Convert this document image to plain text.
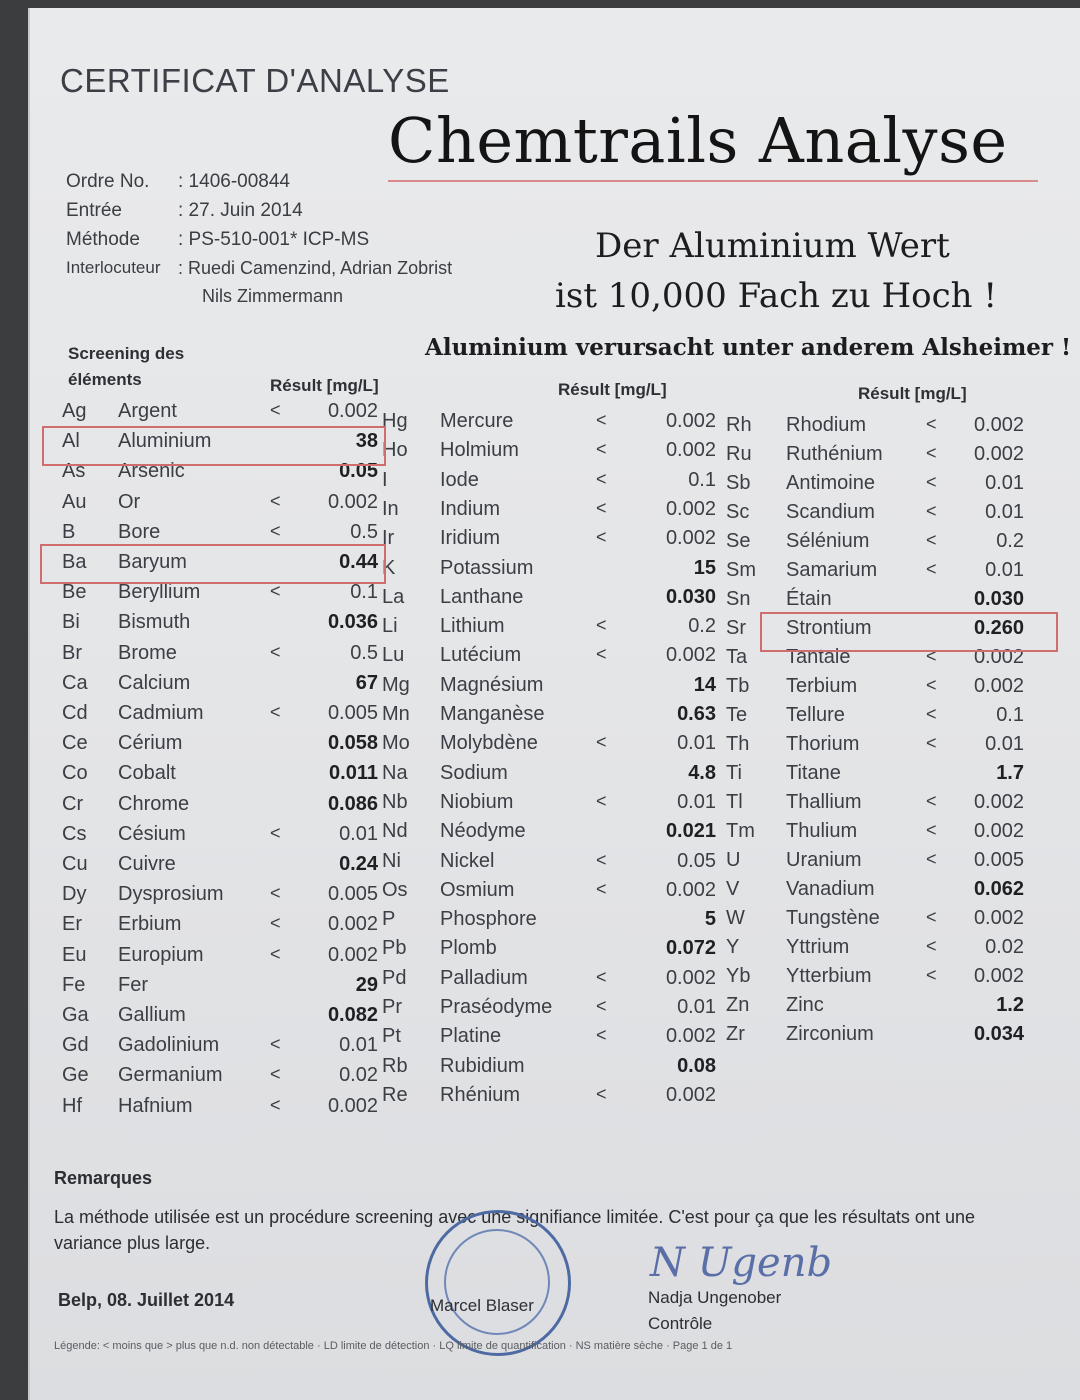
CERTIFICAT D'ANALYSE
Chemtrails Analyse
Ordre No. : 1406-00844
Entrée	: 27. Juin 2014
Méthode : PS-510-001* ICP-MS
Interlocuteur : Ruedi Camenzind, Adrian Zobrist
Nils Zimmermann
Der Aluminium Wert
ist 10,000 Fach zu Hoch !
Aluminium verursacht unter anderem Alsheimer !
Screening des
éléments	Résult [mg/L]	Résult [mg/L]	Résult [mg/L]
Ag Argent	<	0.002
Al Aluminium	38
As Arsenic	0.05
Au Or	<	0.002
B Bore	<	0.5
Ba Baryum	0.44
Be Beryllium	<	0.1
Bi Bismuth	0.036
Br Brome	<	0.5
Ca Calcium	67
Cd Cadmium	<	0.005
Ce Cérium	0.058
Co Cobalt	0.011
Cr Chrome	0.086
Cs Césium	<	0.01
Cu Cuivre	0.24
Dy Dysprosium	<	0.005
Er Erbium	<	0.002
Eu Europium	<	0.002
Fe Fer	29
Ga Gallium	0.082
Gd Gadolinium	<	0.01
Ge Germanium	<	0.02
Hf Hafnium	<	0.002
Hg Mercure	<	0.002
Ho Holmium	<	0.002
I	Iode	<	0.1
In Indium	<	0.002
Ir Iridium	<	0.002
K Potassium	15
La Lanthane	0.030
Li Lithium	<	0.2
Lu Lutécium	<	0.002
Mg Magnésium	14
Mn Manganèse	0.63
Mo Molybdène	<	0.01
Na Sodium	4.8
Nb Niobium	<	0.01
Nd Néodyme	0.021
Ni Nickel	<	0.05
Os Osmium	<	0.002
P Phosphore	5
Pb Plomb	0.072
Pd Palladium	<	0.002
Pr Praséodyme <	0.01
Pt Platine	<	0.002
Rb Rubidium	0.08
Re Rhénium	<	0.002
Rh Rhodium	<	0.002
Ru Ruthénium <	0.002
Sb Antimoine	<	0.01
Sc Scandium	<	0.01
Se Sélénium	<	0.2
Sm Samarium	<	0.01
Sn Étain	0.030
Sr Strontium	0.260
Ta Tantale	<	0.002
Tb Terbium	<	0.002
Te Tellure	<	0.1
Th Thorium	<	0.01
Ti Titane	1.7
Tl Thallium	<	0.002
Tm Thulium	<	0.002
U Uranium	<	0.005
V Vanadium	0.062
W Tungstène	<	0.002
Y Yttrium	<	0.02
Yb Ytterbium	<	0.002
Zn Zinc	1.2
Zr Zirconium	0.034
Remarques
La méthode utilisée est un procédure screening avec une signifiance limitée. C'est pour ça que les résultats ont une variance plus large.
Belp, 08. Juillet 2014	Marcel Blaser
N Ugenb
Nadja Ungenober
Contrôle
Légende: < moins que > plus que n.d. non détectable · LD limite de détection · LQ limite de quantification · NS matière sèche · Page 1 de 1
